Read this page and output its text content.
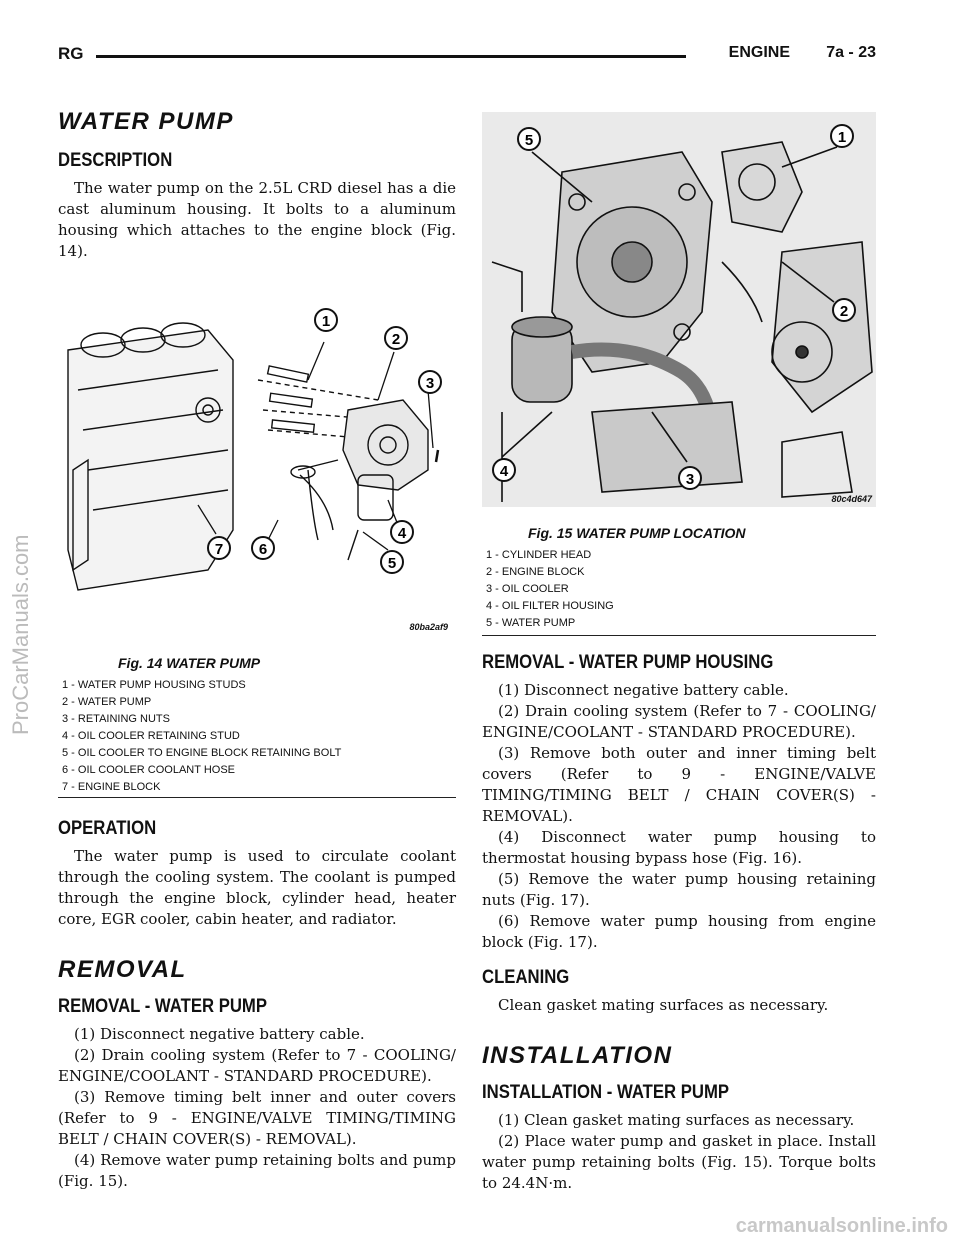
RG	ENGINE 7a - 23
ProCarManuals.com
carmanualsonline.info
WATER PUMP
DESCRIPTION

The water pump on the 2.5L CRD diesel has a die cast aluminum housing. It bolts to a aluminum housing which attaches to the engine block (Fig. 14).

1
2
3
4
5
6
7
80ba2af9
Fig. 14 WATER PUMP
1 - WATER PUMP HOUSING STUDS
2 - WATER PUMP
3 - RETAINING NUTS
4 - OIL COOLER RETAINING STUD
5 - OIL COOLER TO ENGINE BLOCK RETAINING BOLT
6 - OIL COOLER COOLANT HOSE
7 - ENGINE BLOCK
OPERATION

The water pump is used to circulate coolant through the cooling system. The coolant is pumped through the engine block, cylinder head, heater core, EGR cooler, cabin heater, and radiator.

REMOVAL
REMOVAL - WATER PUMP

(1) Disconnect negative battery cable.

(2) Drain cooling system (Refer to 7 - COOLING/ ENGINE/COOLANT - STANDARD PROCEDURE).

(3) Remove timing belt inner and outer covers (Refer to 9 - ENGINE/VALVE TIMING/TIMING BELT / CHAIN COVER(S) - REMOVAL).

(4) Remove water pump retaining bolts and pump (Fig. 15).

5	1
2
4	3
80c4d647
Fig. 15 WATER PUMP LOCATION
1 - CYLINDER HEAD
2 - ENGINE BLOCK
3 - OIL COOLER
4 - OIL FILTER HOUSING
5 - WATER PUMP
REMOVAL - WATER PUMP HOUSING

(1) Disconnect negative battery cable.

(2) Drain cooling system (Refer to 7 - COOLING/ ENGINE/COOLANT - STANDARD PROCEDURE).

(3) Remove both outer and inner timing belt covers (Refer to 9 - ENGINE/VALVE TIMING/TIMING BELT / CHAIN COVER(S) - REMOVAL).

(4) Disconnect water pump housing to thermostat housing bypass hose (Fig. 16).

(5) Remove the water pump housing retaining nuts (Fig. 17).

(6) Remove water pump housing from engine block (Fig. 17).

CLEANING

Clean gasket mating surfaces as necessary.

INSTALLATION
INSTALLATION - WATER PUMP

(1) Clean gasket mating surfaces as necessary.

(2) Place water pump and gasket in place. Install water pump retaining bolts (Fig. 15). Torque bolts to 24.4N·m.
